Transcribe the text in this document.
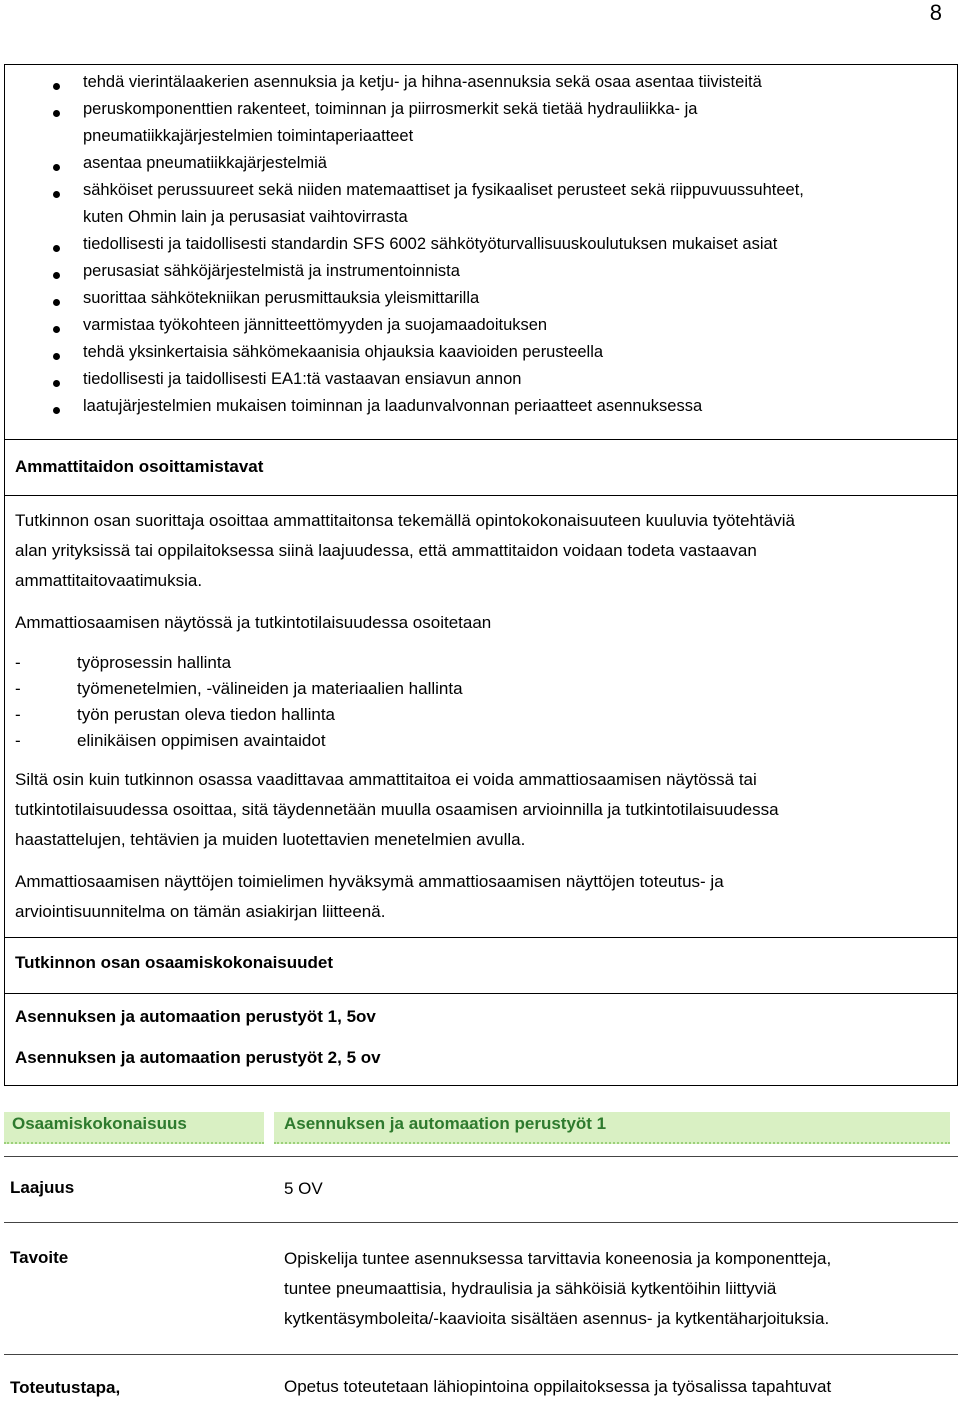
8
tehdä vierintälaakerien asennuksia ja ketju- ja hihna-asennuksia sekä osaa asentaa tiivisteitä
peruskomponenttien rakenteet, toiminnan ja piirrosmerkit sekä tietää hydrauliikka- ja
pneumatiikkajärjestelmien toimintaperiaatteet
asentaa pneumatiikkajärjestelmiä
sähköiset perussuureet sekä niiden matemaattiset ja fysikaaliset perusteet sekä riippuvuussuhteet,
kuten Ohmin lain ja perusasiat vaihtovirrasta
tiedollisesti ja taidollisesti standardin SFS 6002 sähkötyöturvallisuuskoulutuksen mukaiset asiat
perusasiat sähköjärjestelmistä ja instrumentoinnista
suorittaa sähkötekniikan perusmittauksia yleismittarilla
varmistaa työkohteen jännitteettömyyden ja suojamaadoituksen
tehdä yksinkertaisia sähkömekaanisia ohjauksia kaavioiden perusteella
tiedollisesti ja taidollisesti EA1:tä vastaavan ensiavun annon
laatujärjestelmien mukaisen toiminnan ja laadunvalvonnan periaatteet asennuksessa
Ammattitaidon osoittamistavat
Tutkinnon osan suorittaja osoittaa ammattitaitonsa tekemällä opintokokonaisuuteen kuuluvia työtehtäviä
alan yrityksissä tai oppilaitoksessa siinä laajuudessa, että ammattitaidon voidaan todeta vastaavan
ammattitaitovaatimuksia.
Ammattiosaamisen näytössä ja tutkintotilaisuudessa osoitetaan
-	työprosessin hallinta
-	työmenetelmien, -välineiden ja materiaalien hallinta
-	työn perustan oleva tiedon hallinta
-	elinikäisen oppimisen avaintaidot
Siltä osin kuin tutkinnon osassa vaadittavaa ammattitaitoa ei voida ammattiosaamisen näytössä tai
tutkintotilaisuudessa osoittaa, sitä täydennetään muulla osaamisen arvioinnilla ja tutkintotilaisuudessa
haastattelujen, tehtävien ja muiden luotettavien menetelmien avulla.
Ammattiosaamisen näyttöjen toimielimen hyväksymä ammattiosaamisen näyttöjen toteutus- ja
arviointisuunnitelma on tämän asiakirjan liitteenä.
Tutkinnon osan osaamiskokonaisuudet
Asennuksen ja automaation perustyöt 1, 5ov
Asennuksen ja automaation perustyöt 2, 5 ov
Osaamiskokonaisuus	Asennuksen ja automaation perustyöt 1
Laajuus	5 OV
Tavoite	Opiskelija tuntee asennuksessa tarvittavia koneenosia ja komponentteja,
tuntee pneumaattisia, hydraulisia ja sähköisiä kytkentöihin liittyviä
kytkentäsymboleita/-kaavioita sisältäen asennus- ja kytkentäharjoituksia.
Toteutustapa,	Opetus toteutetaan lähiopintoina oppilaitoksessa ja työsalissa tapahtuvat
